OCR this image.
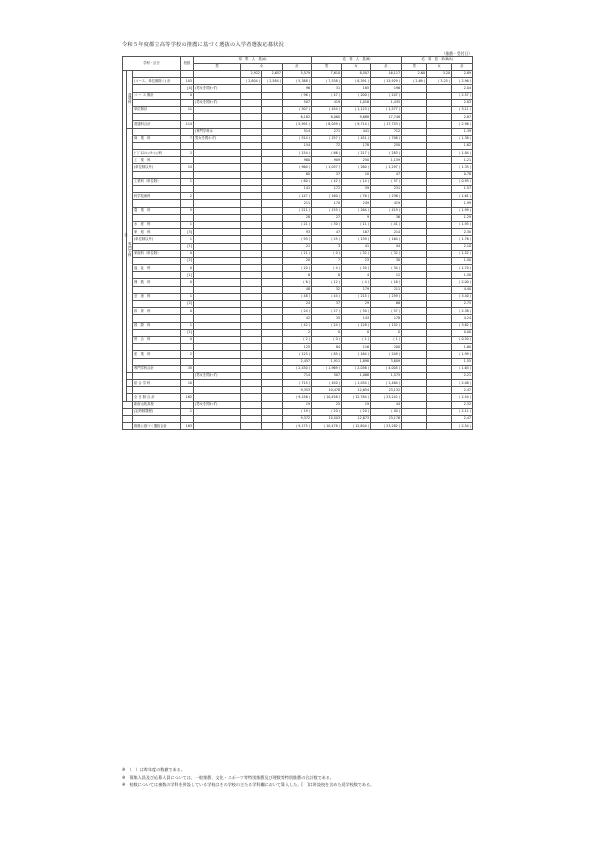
令和５年度都立高等学校の推薦に基づく選抜の入学者選抜応募状況
（推薦・受付日）
学科・区分			校数	募　集　人　員(A)				応　募　人　員(B)			応　募　倍　率(B/A)		
				男	女		計	男	女	計	男	女	計
全	普通科				2,922	2,657	5,579	7,610	8,507	16,117	2.60	3.20	2.89
		(コース、単位制除く) 計	103		( 2,804 )	( 2,584 )	( 5,388 )	( 7,538 )	( 8,391 )	( 15,929 )	( 2.69 )	( 3.25 )	( 2.96 )
			[4]	(男女を問わず)			96	31	165	196			2.04
		コ ー ス 制計	0				( 96 )	( 47 )	( 200 )	( 247 )			( 2.57 )
				(男女を問わず)			507	419	1,016	1,435			2.83
		単位制計	11				( 507 )	( 454 )	( 1,123 )	( 1,577 )			( 3.11 )
							6,182	8,060	9,688	17,748			2.87
		普通科合計	114				( 5,991 )	( 8,039 )	( 9,714 )	( 17,753 )			( 2.96 )
	専門学科			(専門学科は			514	271	441	712			1.39
		商　業　科	7	男女を問わず)			( 514 )	( 257 )	( 451 )	( 708 )			( 1.38 )
							154	72	178	250			1.62
		ﾋﾞｼﾞﾈｽｺﾐｭﾆｹｰｼｮﾝ科	2				( 154 )	( 66 )	( 217 )	( 283 )			( 1.84 )
		工　業　科					980	909	250	1,159			1.21
		(単位制以外)	15				( 960 )	( 1,037 )	( 260 )	( 1,297 )			( 1.35 )
							60	37	10	47			0.78
		工業科（単位制）	1				( 60 )	( 42 )	( 14 )	( 57 )			( 0.95 )
							141	172	59	231			1.57
		科学技術科	2				( 147 )	( 160 )	( 76 )	( 236 )			( 1.61 )
							211	170	249	419			1.99
		農　業　科	5				( 211 )	( 155 )	( 264 )	( 419 )			( 1.99 )
							28	27	9	36			1.29
		水　産　科	1				( 21 )	( 30 )	( 11 )	( 41 )			( 1.95 )
		家　庭　科	[3]				93	47	167	214			2.30
		(単位制以外)	1				( 93 )	( 25 )	( 139 )	( 164 )			( 1.76 )
			[1]				21	3	41	44			2.10
		家庭科（単位制）	0				( 21 )	( 0 )	( 32 )	( 32 )			( 1.52 )
			[2]				20	7	23	30			1.50
		福　祉　科	0				( 20 )	( 4 )	( 30 )	( 34 )			( 1.70 )
			[1]				6	8	4	12			1.50
		理　数　科	0				( 6 )	( 12 )	( 4 )	( 16 )			( 2.00 )
							48	32	179	211			4.40
		芸　術　科	1				( 48 )	( 44 )	( 215 )	( 259 )			( 5.40 )
			[2]				24	37	29	66			2.75
		体　育　科	0				( 24 )	( 27 )	( 30 )	( 57 )			( 2.38 )
							42	35	143	178			4.24
		国　際　科	1				( 42 )	( 24 )	( 128 )	( 152 )			( 3.62 )
			[1]				2	0	0	0			0.00
		併　合　科	0				( 2 )	( 0 )	( 1 )	( 1 )			( 0.50 )
							125	84	116	200			1.60
		産　業　科	2				( 125 )	( 85 )	( 164 )	( 249 )			( 1.99 )
							2,457	1,911	1,898	3,809			1.55
		専門学科合計	35				( 2,450 )	( 1,969 )	( 2,036 )	( 4,005 )			( 1.63 )
				(男女を問わず)			714	507	1,068	1,575			2.21
		総 合 学 科	10				( 715 )	( 450 )	( 1,034 )	( 1,484 )			( 2.08 )
							9,353	10,478	12,654	23,132			2.47
		全 日 制 合 計	162				( 9,156 )	( 10,458 )	( 12,784 )	( 23,242 )			( 2.54 )
		新宿山吹高校		(男女を問わず)			19	25	19	44			2.32
		(定時制課程)	1				( 19 )	( 20 )	( 20 )	( 40 )			( 2.11 )
							9,372	10,503	12,673	23,176			2.47
		推薦に基づく選抜合計	163				( 9,175 )	( 10,478 )	( 12,804 )	( 23,282 )			( 2.54 )
※　（　）は昨年度の数値である。
※　募集人員及び応募人員については、一般推薦、文化・スポーツ等特別推薦及び理数等特別推薦の合計数である。
※　校数については複数の学科を併設している学校はその学校の主たる学科欄において算入した。[　]は併設校を含めた延学校数である。
